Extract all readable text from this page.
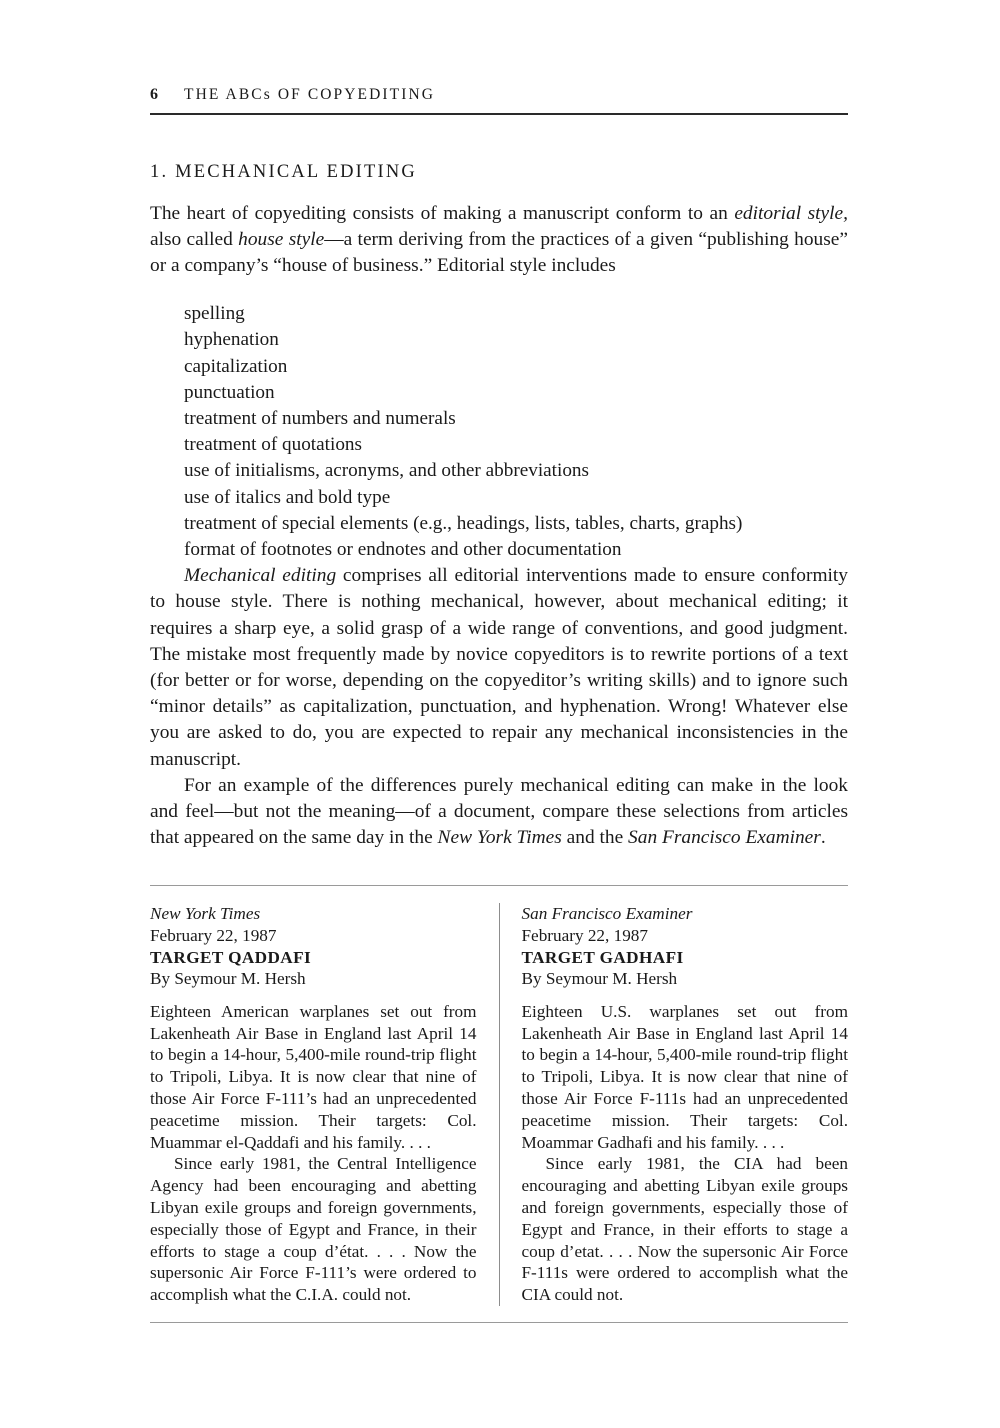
6 THE ABCs OF COPYEDITING
1. MECHANICAL EDITING

The heart of copyediting consists of making a manuscript conform to an editorial style, also called house style—a term deriving from the practices of a given “publishing house” or a company’s “house of business.” Editorial style includes

spelling
hyphenation
capitalization
punctuation
treatment of numbers and numerals
treatment of quotations
use of initialisms, acronyms, and other abbreviations
use of italics and bold type
treatment of special elements (e.g., headings, lists, tables, charts, graphs)
format of footnotes or endnotes and other documentation

Mechanical editing comprises all editorial interventions made to ensure conformity to house style. There is nothing mechanical, however, about mechanical editing; it requires a sharp eye, a solid grasp of a wide range of conventions, and good judgment. The mistake most frequently made by novice copyeditors is to rewrite portions of a text (for better or for worse, depending on the copyeditor’s writing skills) and to ignore such “minor details” as capitalization, punctuation, and hyphenation. Wrong! Whatever else you are asked to do, you are expected to repair any mechanical inconsistencies in the manuscript.

For an example of the differences purely mechanical editing can make in the look and feel—but not the meaning—of a document, compare these selections from articles that appeared on the same day in the New York Times and the San Francisco Examiner.

New York Times
February 22, 1987
TARGET QADDAFI
By Seymour M. Hersh

Eighteen American warplanes set out from Lakenheath Air Base in England last April 14 to begin a 14-hour, 5,400-mile round-trip flight to Tripoli, Libya. It is now clear that nine of those Air Force F-111’s had an unprecedented peacetime mission. Their targets: Col. Muammar el-Qaddafi and his family. . . .

Since early 1981, the Central Intelligence Agency had been encouraging and abetting Libyan exile groups and foreign governments, especially those of Egypt and France, in their efforts to stage a coup d’état. . . . Now the supersonic Air Force F-111’s were ordered to accomplish what the C.I.A. could not.

San Francisco Examiner
February 22, 1987
TARGET GADHAFI
By Seymour M. Hersh

Eighteen U.S. warplanes set out from Lakenheath Air Base in England last April 14 to begin a 14-hour, 5,400-mile round-trip flight to Tripoli, Libya. It is now clear that nine of those Air Force F-111s had an unprecedented peacetime mission. Their targets: Col. Moammar Gadhafi and his family. . . .

Since early 1981, the CIA had been encouraging and abetting Libyan exile groups and foreign governments, especially those of Egypt and France, in their efforts to stage a coup d’etat. . . . Now the supersonic Air Force F-111s were ordered to accomplish what the CIA could not.
